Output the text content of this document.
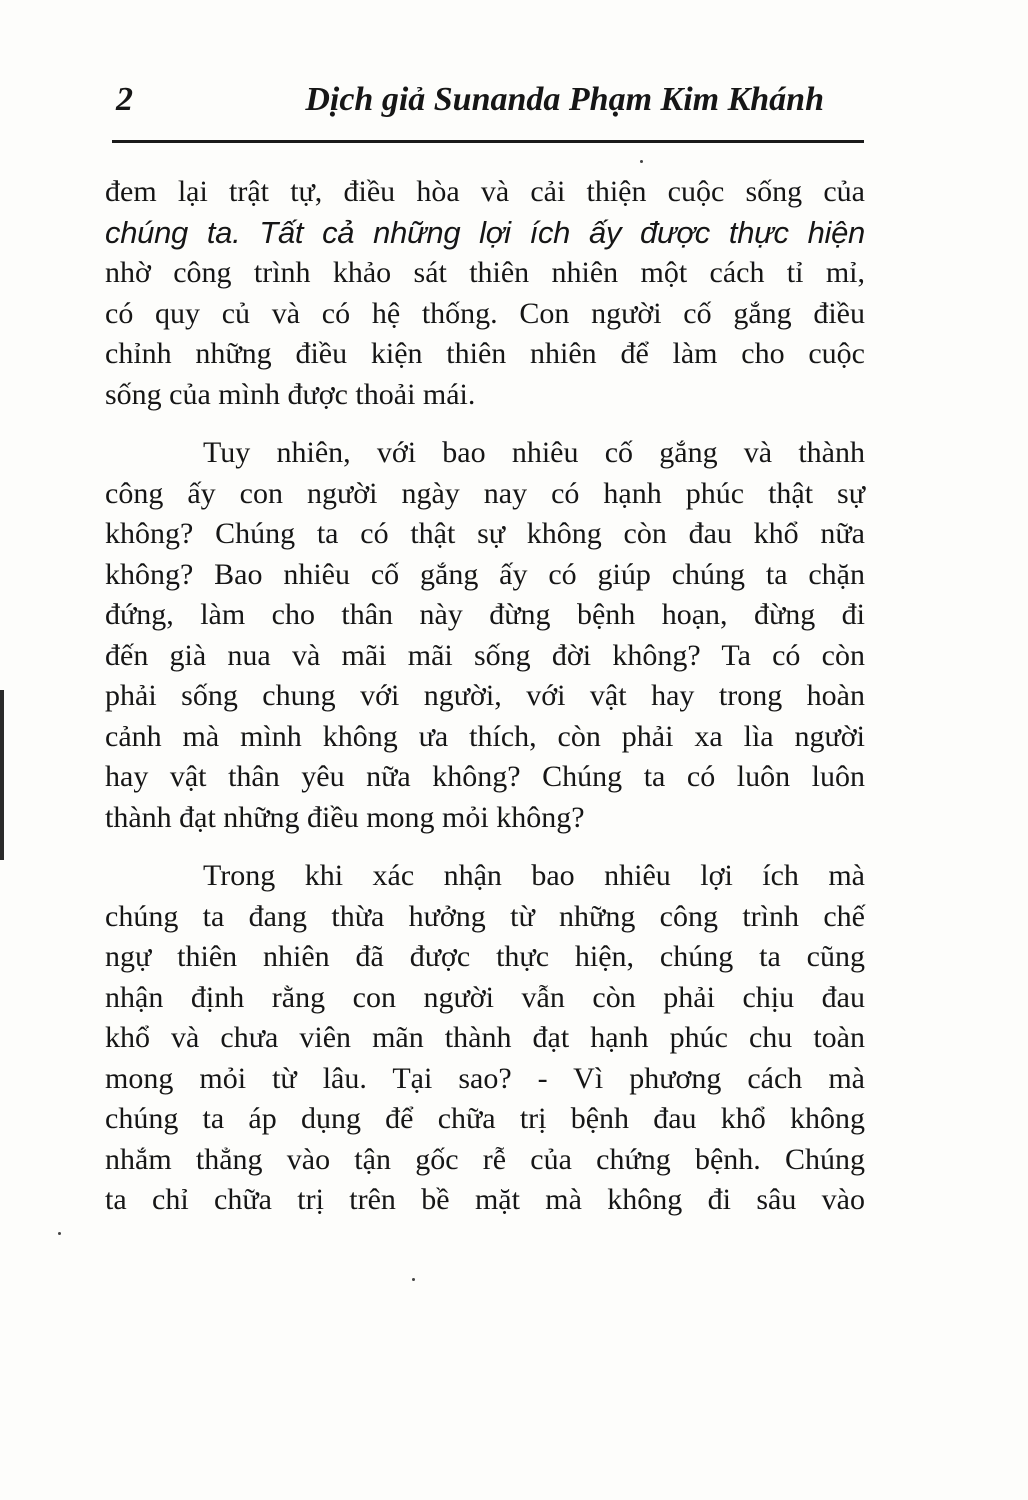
2	Dịch giả Sunanda Phạm Kim Khánh
đem lại trật tự, điều hòa và cải thiện cuộc sống của
chúng ta. Tất cả những lợi ích ấy được thực hiện
nhờ công trình khảo sát thiên nhiên một cách tỉ mỉ,
có quy củ và có hệ thống. Con người cố gắng điều
chỉnh những điều kiện thiên nhiên để làm cho cuộc
sống của mình được thoải mái.
Tuy nhiên, với bao nhiêu cố gắng và thành
công ấy con người ngày nay có hạnh phúc thật sự
không? Chúng ta có thật sự không còn đau khổ nữa
không? Bao nhiêu cố gắng ấy có giúp chúng ta chặn
đứng, làm cho thân này đừng bệnh hoạn, đừng đi
đến già nua và mãi mãi sống đời không? Ta có còn
phải sống chung với người, với vật hay trong hoàn
cảnh mà mình không ưa thích, còn phải xa lìa người
hay vật thân yêu nữa không? Chúng ta có luôn luôn
thành đạt những điều mong mỏi không?
Trong khi xác nhận bao nhiêu lợi ích mà
chúng ta đang thừa hưởng từ những công trình chế
ngự thiên nhiên đã được thực hiện, chúng ta cũng
nhận định rằng con người vẫn còn phải chịu đau
khổ và chưa viên mãn thành đạt hạnh phúc chu toàn
mong mỏi từ lâu. Tại sao? - Vì phương cách mà
chúng ta áp dụng để chữa trị bệnh đau khổ không
nhắm thẳng vào tận gốc rễ của chứng bệnh. Chúng
ta chỉ chữa trị trên bề mặt mà không đi sâu vào
